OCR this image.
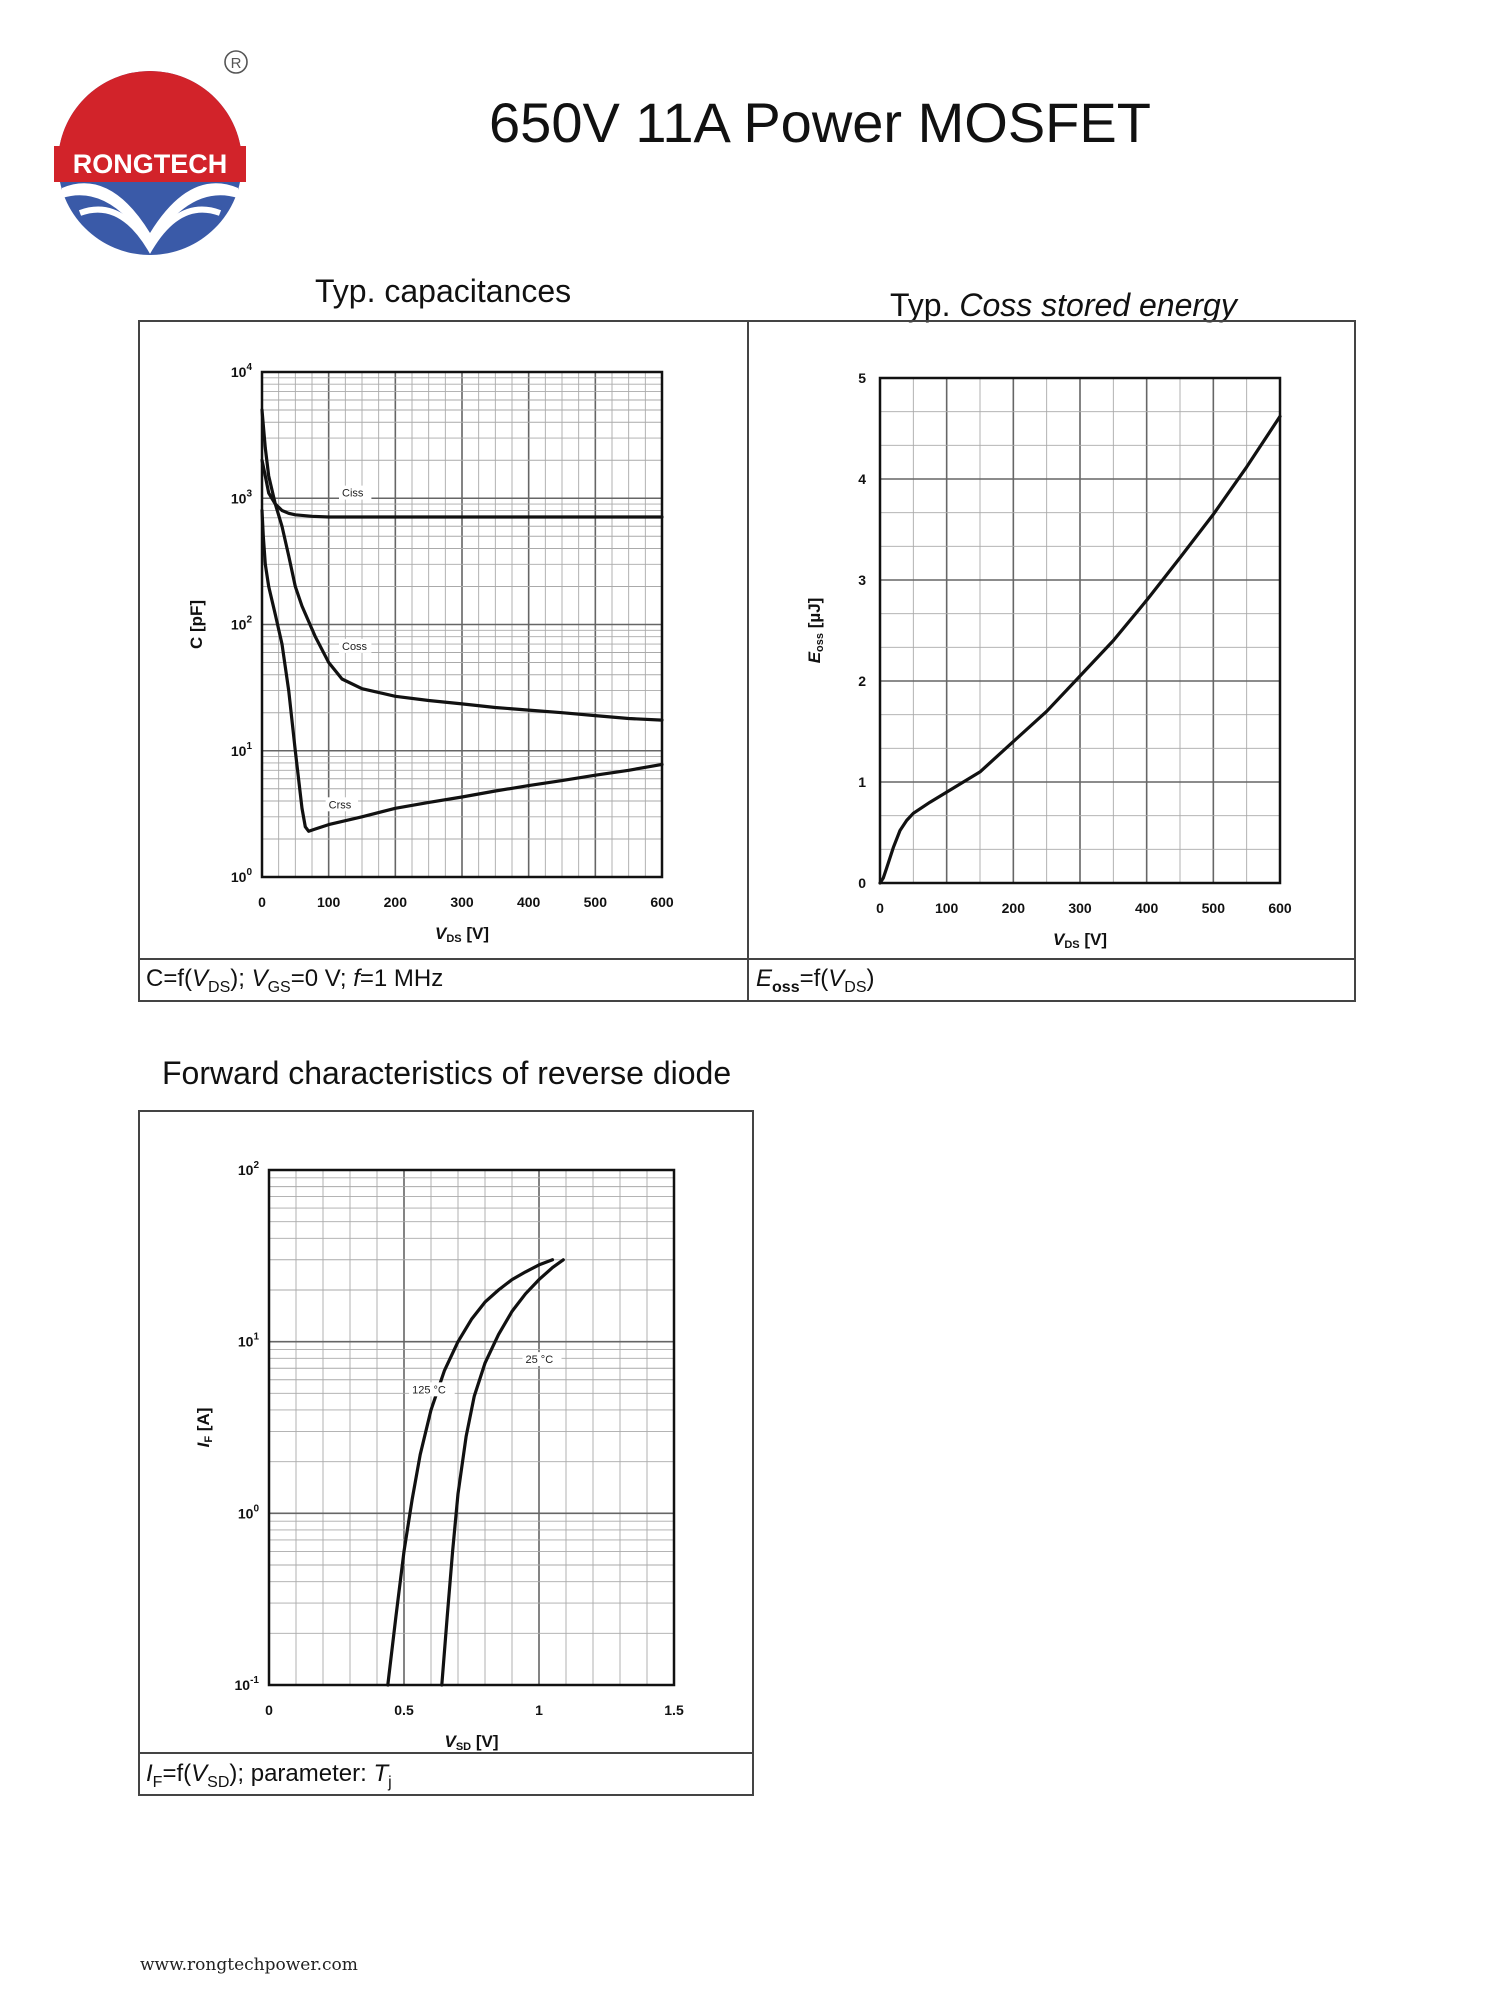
RONGTECH
R
650V 11A Power MOSFET
Typ. capacitances	Typ. Coss stored energy
Forward characteristics of reverse diode
$C=f(V_{DS})$; $V_{GS}=0$ V; f=1 MHz	$E_{oss}=f(V_{DS})$
$I_F=f(V_{SD})$; parameter: $T_j$
0	100	200	300	400	500	600
$10^0$
$10^1$
$10^2$
$10^3$
$10^4$
VDS [V]
C [pF]
Ciss
Coss
Crss
0	100	200	300	400	500	600
0
1
2
3
4
5
VDS [V]
Eoss [µJ]
0	0.5	1	1.5
$10^{-1}$
$10^0$
$10^1$
$10^2$
VSD [V]
IF [A]
125 °C
25 °C
www.rongtechpower.com
